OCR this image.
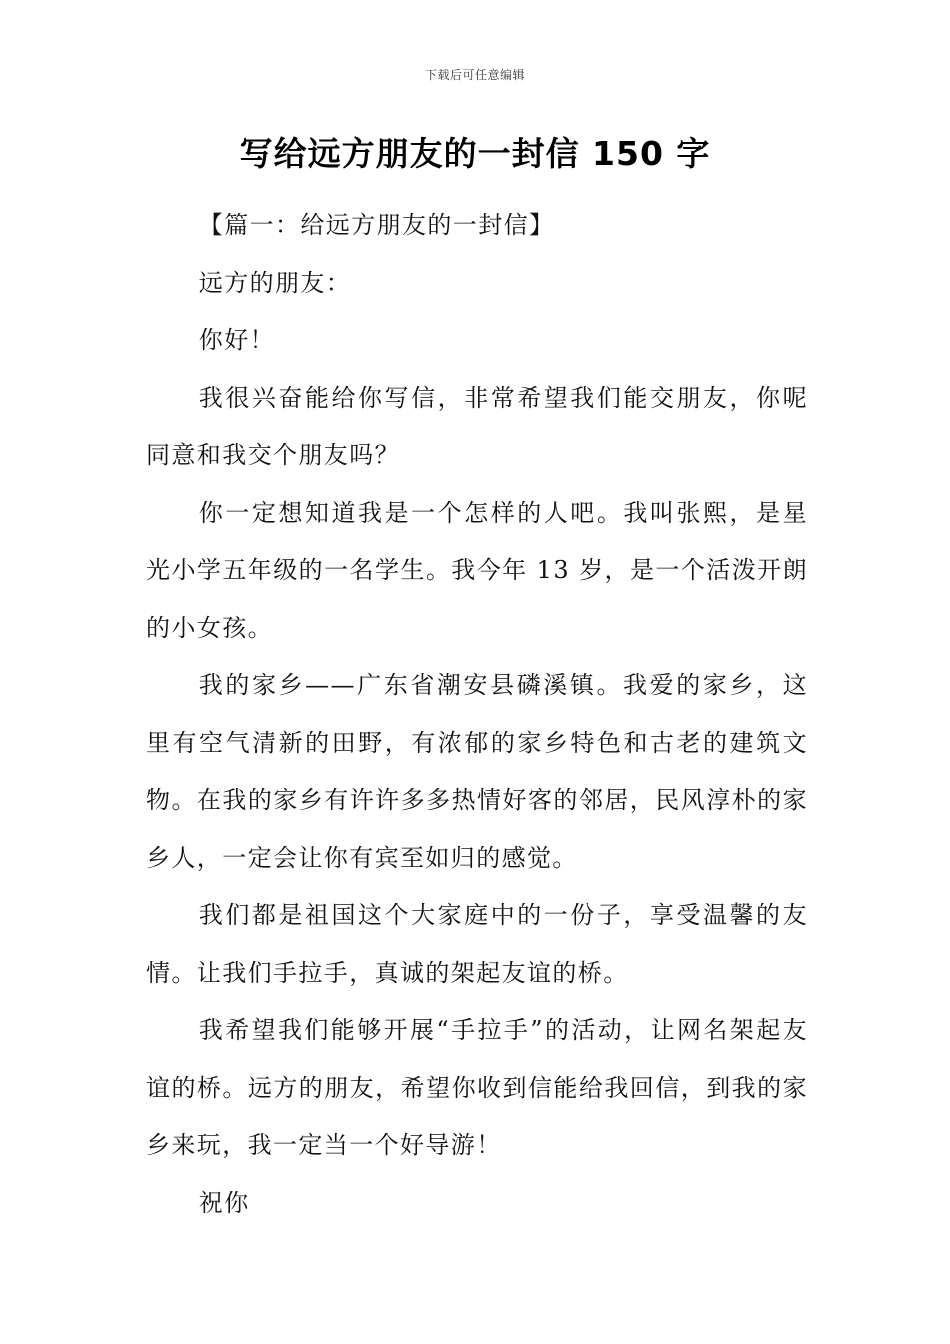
下载后可任意编辑
写给远方朋友的一封信 150 字

【篇一：给远方朋友的一封信】

远方的朋友：

你好！

我很兴奋能给你写信，非常希望我们能交朋友，你呢同意和我交个朋友吗？

你一定想知道我是一个怎样的人吧。我叫张熙，是星光小学五年级的一名学生。我今年 13 岁，是一个活泼开朗的小女孩。

我的家乡——广东省潮安县磷溪镇。我爱的家乡，这里有空气清新的田野，有浓郁的家乡特色和古老的建筑文物。在我的家乡有许许多多热情好客的邻居，民风淳朴的家乡人，一定会让你有宾至如归的感觉。

我们都是祖国这个大家庭中的一份子，享受温馨的友情。让我们手拉手，真诚的架起友谊的桥。

我希望我们能够开展“手拉手”的活动，让网名架起友谊的桥。远方的朋友，希望你收到信能给我回信，到我的家乡来玩，我一定当一个好导游！

祝你
